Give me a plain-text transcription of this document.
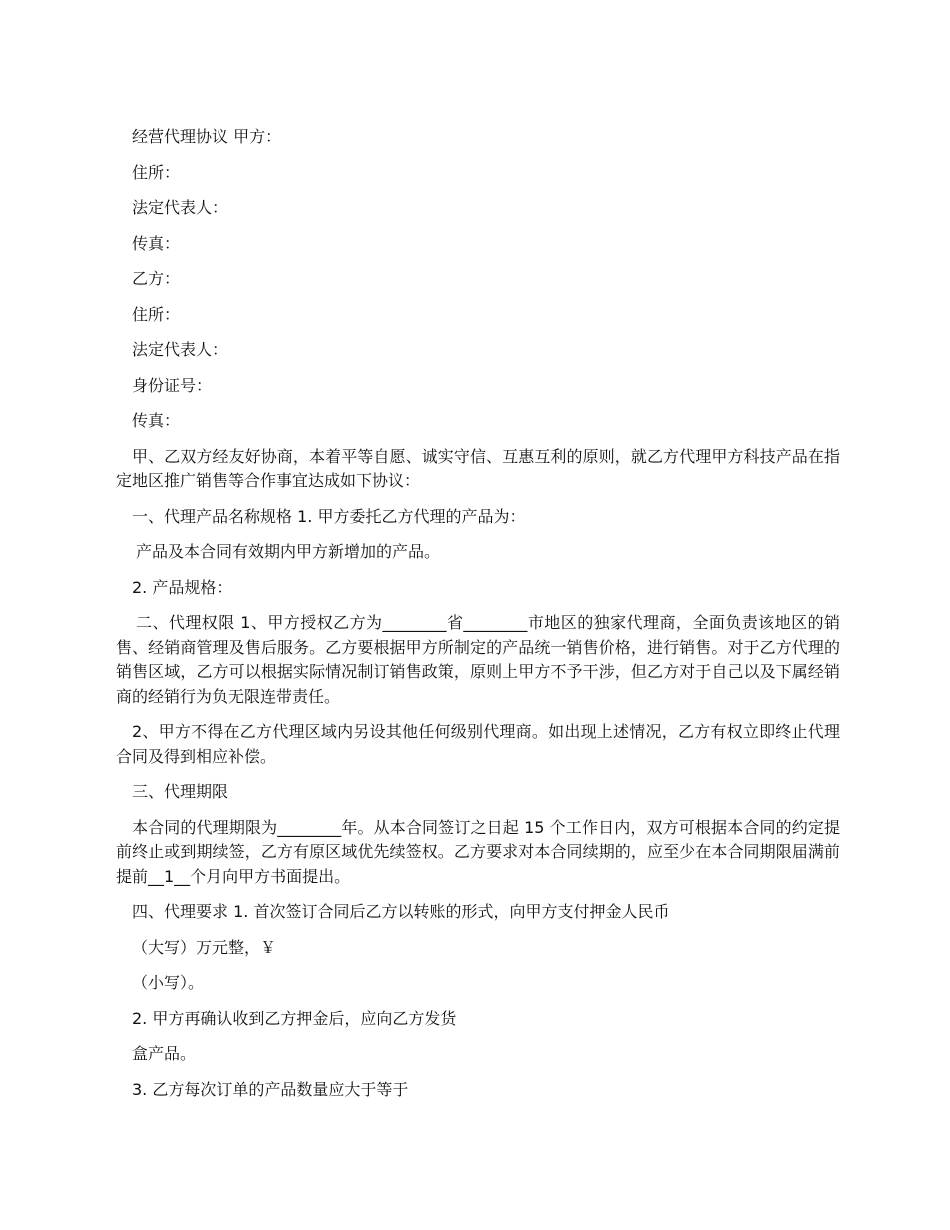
经营代理协议 甲方：

住所：

法定代表人：

传真：

乙方：

住所：

法定代表人：

身份证号：

传真：

甲、乙双方经友好协商，本着平等自愿、诚实守信、互惠互利的原则，就乙方代理甲方科技产品在指定地区推广销售等合作事宜达成如下协议：

一、代理产品名称规格 1. 甲方委托乙方代理的产品为：

产品及本合同有效期内甲方新增加的产品。

2. 产品规格：

二、代理权限 1、甲方授权乙方为________省________市地区的独家代理商，全面负责该地区的销售、经销商管理及售后服务。乙方要根据甲方所制定的产品统一销售价格，进行销售。对于乙方代理的销售区域，乙方可以根据实际情况制订销售政策，原则上甲方不予干涉，但乙方对于自己以及下属经销商的经销行为负无限连带责任。

2、甲方不得在乙方代理区域内另设其他任何级别代理商。如出现上述情况，乙方有权立即终止代理合同及得到相应补偿。

三、代理期限

本合同的代理期限为________年。从本合同签订之日起 15 个工作日内，双方可根据本合同的约定提前终止或到期续签，乙方有原区域优先续签权。乙方要求对本合同续期的，应至少在本合同期限届满前提前__1__个月向甲方书面提出。

四、代理要求 1. 首次签订合同后乙方以转账的形式，向甲方支付押金人民币

（大写）万元整，￥

（小写）。

2. 甲方再确认收到乙方押金后，应向乙方发货

盒产品。

3. 乙方每次订单的产品数量应大于等于
